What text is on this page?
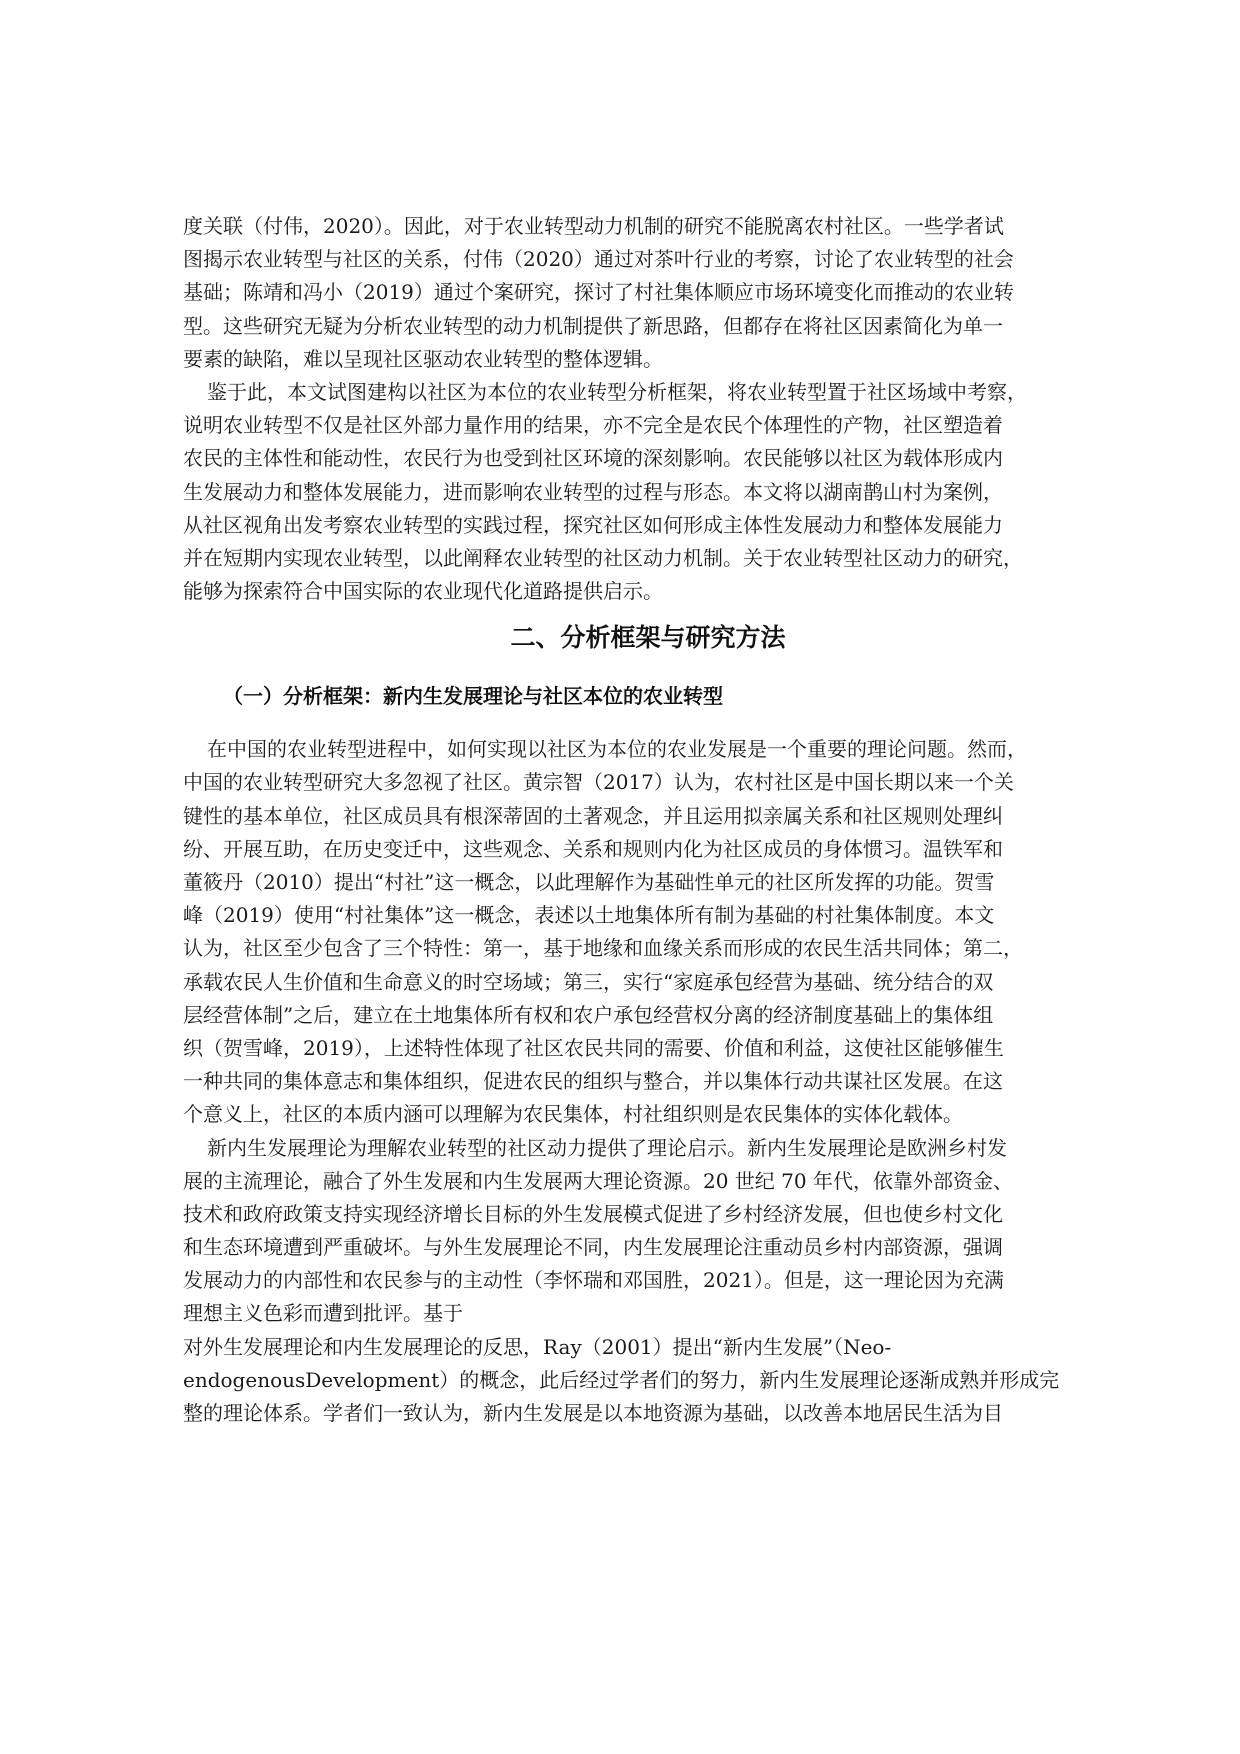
度关联（付伟，2020）。因此，对于农业转型动力机制的研究不能脱离农村社区。一些学者试
图揭示农业转型与社区的关系，付伟（2020）通过对茶叶行业的考察，讨论了农业转型的社会
基础；陈靖和冯小（2019）通过个案研究，探讨了村社集体顺应市场环境变化而推动的农业转
型。这些研究无疑为分析农业转型的动力机制提供了新思路，但都存在将社区因素简化为单一
要素的缺陷，难以呈现社区驱动农业转型的整体逻辑。
鉴于此，本文试图建构以社区为本位的农业转型分析框架，将农业转型置于社区场域中考察，
说明农业转型不仅是社区外部力量作用的结果，亦不完全是农民个体理性的产物，社区塑造着
农民的主体性和能动性，农民行为也受到社区环境的深刻影响。农民能够以社区为载体形成内
生发展动力和整体发展能力，进而影响农业转型的过程与形态。本文将以湖南鹊山村为案例，
从社区视角出发考察农业转型的实践过程，探究社区如何形成主体性发展动力和整体发展能力
并在短期内实现农业转型，以此阐释农业转型的社区动力机制。关于农业转型社区动力的研究，
能够为探索符合中国实际的农业现代化道路提供启示。
二、分析框架与研究方法
（一）分析框架：新内生发展理论与社区本位的农业转型
在中国的农业转型进程中，如何实现以社区为本位的农业发展是一个重要的理论问题。然而，
中国的农业转型研究大多忽视了社区。黄宗智（2017）认为，农村社区是中国长期以来一个关
键性的基本单位，社区成员具有根深蒂固的土著观念，并且运用拟亲属关系和社区规则处理纠
纷、开展互助，在历史变迁中，这些观念、关系和规则内化为社区成员的身体惯习。温铁军和
董筱丹（2010）提出“村社”这一概念，以此理解作为基础性单元的社区所发挥的功能。贺雪
峰（2019）使用“村社集体”这一概念，表述以土地集体所有制为基础的村社集体制度。本文
认为，社区至少包含了三个特性：第一，基于地缘和血缘关系而形成的农民生活共同体；第二，
承载农民人生价值和生命意义的时空场域；第三，实行“家庭承包经营为基础、统分结合的双
层经营体制”之后，建立在土地集体所有权和农户承包经营权分离的经济制度基础上的集体组
织（贺雪峰，2019），上述特性体现了社区农民共同的需要、价值和利益，这使社区能够催生
一种共同的集体意志和集体组织，促进农民的组织与整合，并以集体行动共谋社区发展。在这
个意义上，社区的本质内涵可以理解为农民集体，村社组织则是农民集体的实体化载体。
新内生发展理论为理解农业转型的社区动力提供了理论启示。新内生发展理论是欧洲乡村发
展的主流理论，融合了外生发展和内生发展两大理论资源。20 世纪 70 年代，依靠外部资金、
技术和政府政策支持实现经济增长目标的外生发展模式促进了乡村经济发展，但也使乡村文化
和生态环境遭到严重破坏。与外生发展理论不同，内生发展理论注重动员乡村内部资源，强调
发展动力的内部性和农民参与的主动性（李怀瑞和邓国胜，2021）。但是，这一理论因为充满
理想主义色彩而遭到批评。基于
对外生发展理论和内生发展理论的反思，Ray（2001）提出“新内生发展”（Neo-
endogenousDevelopment）的概念，此后经过学者们的努力，新内生发展理论逐渐成熟并形成完
整的理论体系。学者们一致认为，新内生发展是以本地资源为基础，以改善本地居民生活为目
